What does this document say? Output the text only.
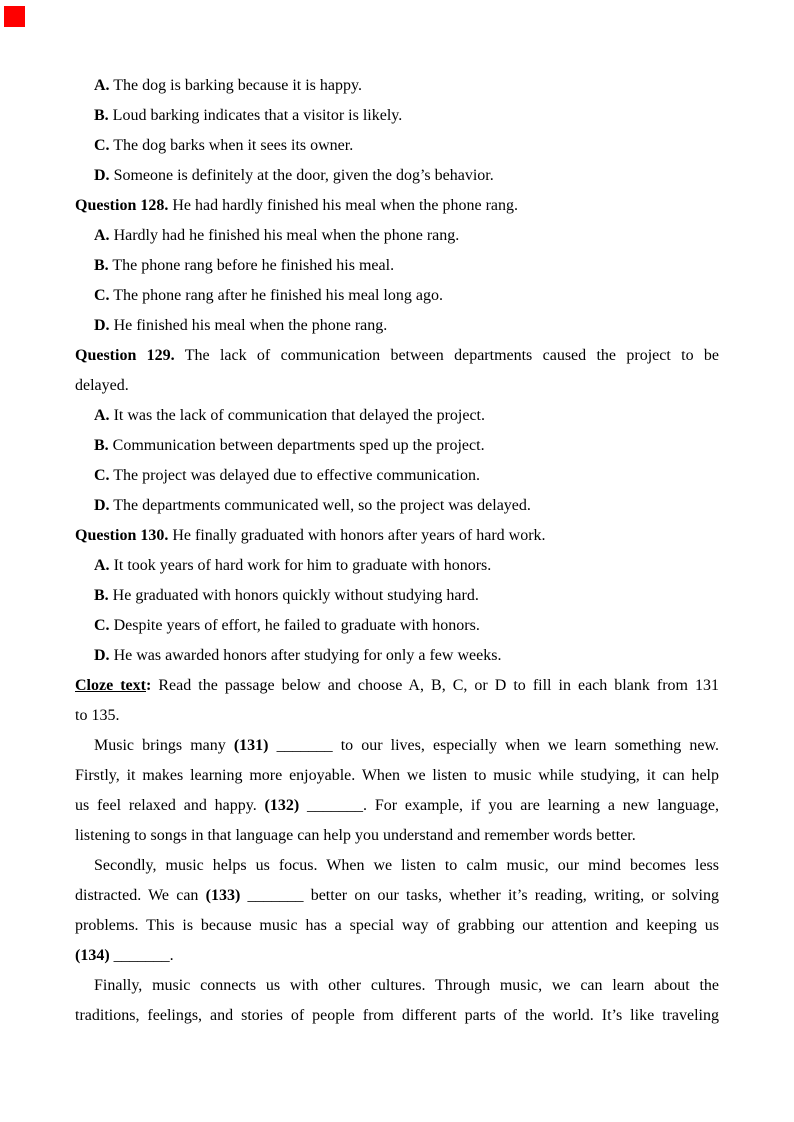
A. The dog is barking because it is happy.
B. Loud barking indicates that a visitor is likely.
C. The dog barks when it sees its owner.
D. Someone is definitely at the door, given the dog’s behavior.
Question 128. He had hardly finished his meal when the phone rang.
A. Hardly had he finished his meal when the phone rang.
B. The phone rang before he finished his meal.
C. The phone rang after he finished his meal long ago.
D. He finished his meal when the phone rang.
Question 129. The lack of communication between departments caused the project to be
delayed.
A. It was the lack of communication that delayed the project.
B. Communication between departments sped up the project.
C. The project was delayed due to effective communication.
D. The departments communicated well, so the project was delayed.
Question 130. He finally graduated with honors after years of hard work.
A. It took years of hard work for him to graduate with honors.
B. He graduated with honors quickly without studying hard.
C. Despite years of effort, he failed to graduate with honors.
D. He was awarded honors after studying for only a few weeks.
Cloze text: Read the passage below and choose A, B, C, or D to fill in each blank from 131
to 135.
Music brings many (131) _______ to our lives, especially when we learn something new.
Firstly, it makes learning more enjoyable. When we listen to music while studying, it can help
us feel relaxed and happy. (132) _______. For example, if you are learning a new language,
listening to songs in that language can help you understand and remember words better.
Secondly, music helps us focus. When we listen to calm music, our mind becomes less
distracted. We can (133) _______ better on our tasks, whether it’s reading, writing, or solving
problems. This is because music has a special way of grabbing our attention and keeping us
(134) _______.
Finally, music connects us with other cultures. Through music, we can learn about the
traditions, feelings, and stories of people from different parts of the world. It’s like traveling
